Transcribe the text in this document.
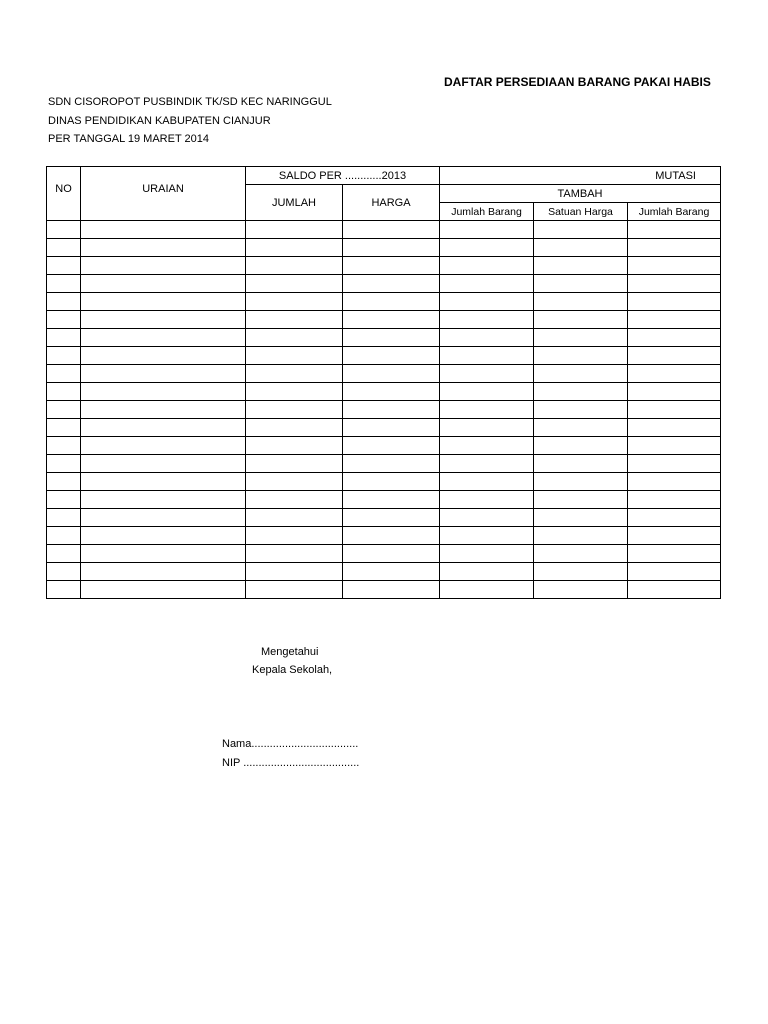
DAFTAR PERSEDIAAN BARANG PAKAI HABIS
SDN CISOROPOT PUSBINDIK TK/SD KEC NARINGGUL
DINAS PENDIDIKAN KABUPATEN CIANJUR
PER TANGGAL 19 MARET 2014
NO	URAIAN	SALDO PER ............2013		MUTASI		
		JUMLAH	HARGA	TAMBAH		
				Jumlah Barang	Satuan Harga	Jumlah Barang

Mengetahui
Kepala Sekolah,
Nama...................................
NIP ......................................
